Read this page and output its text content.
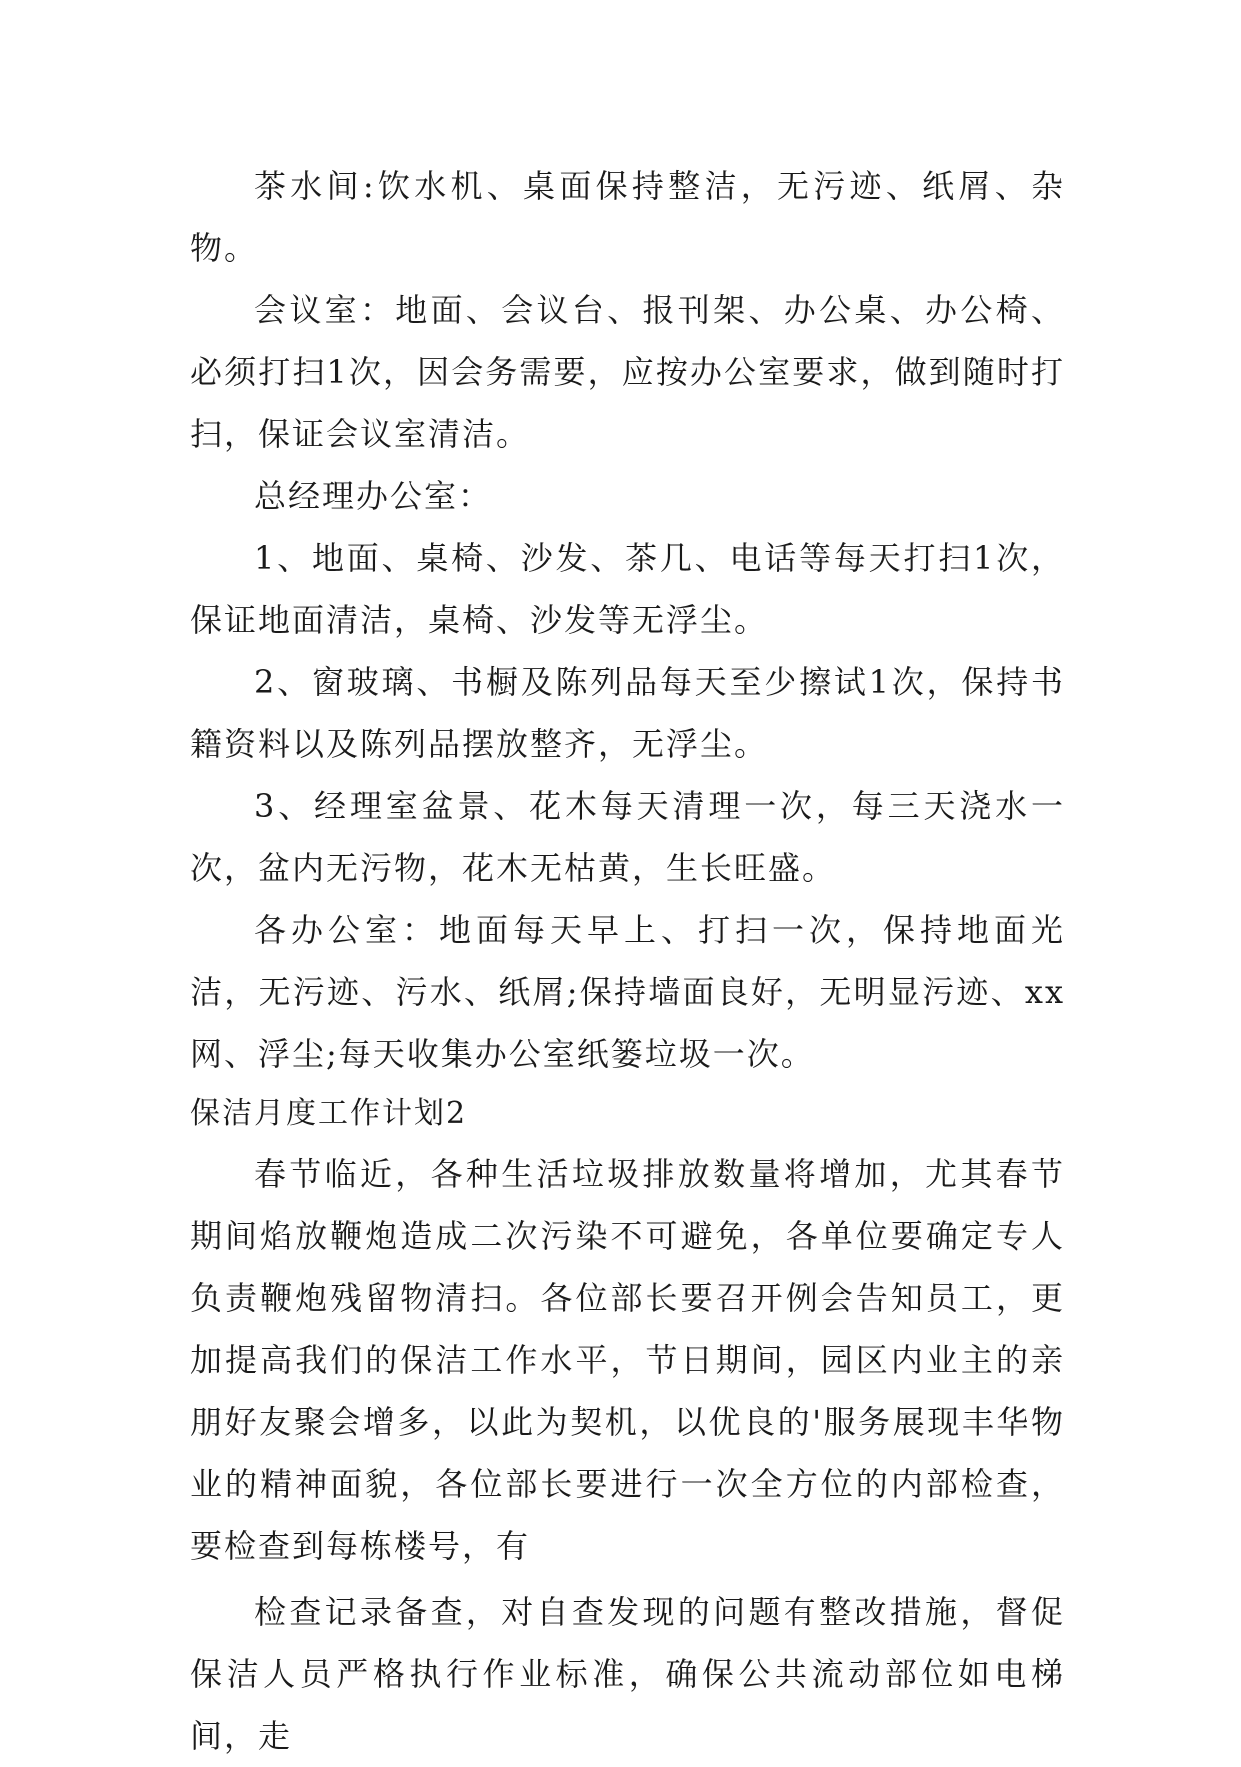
茶水间:饮水机、桌面保持整洁，无污迹、纸屑、杂物。

会议室：地面、会议台、报刊架、办公桌、办公椅、必须打扫1次，因会务需要，应按办公室要求，做到随时打扫，保证会议室清洁。

总经理办公室：

1、地面、桌椅、沙发、茶几、电话等每天打扫1次，保证地面清洁，桌椅、沙发等无浮尘。

2、窗玻璃、书橱及陈列品每天至少擦试1次，保持书籍资料以及陈列品摆放整齐，无浮尘。

3、经理室盆景、花木每天清理一次，每三天浇水一次，盆内无污物，花木无枯黄，生长旺盛。

各办公室：地面每天早上、打扫一次，保持地面光洁，无污迹、污水、纸屑;保持墙面良好，无明显污迹、xx网、浮尘;每天收集办公室纸篓垃圾一次。

保洁月度工作计划2

春节临近，各种生活垃圾排放数量将增加，尤其春节期间焰放鞭炮造成二次污染不可避免，各单位要确定专人负责鞭炮残留物清扫。各位部长要召开例会告知员工，更加提高我们的保洁工作水平，节日期间，园区内业主的亲朋好友聚会增多，以此为契机，以优良的'服务展现丰华物业的精神面貌，各位部长要进行一次全方位的内部检查，要检查到每栋楼号，有

检查记录备查，对自查发现的问题有整改措施，督促保洁人员严格执行作业标准，确保公共流动部位如电梯间，走
